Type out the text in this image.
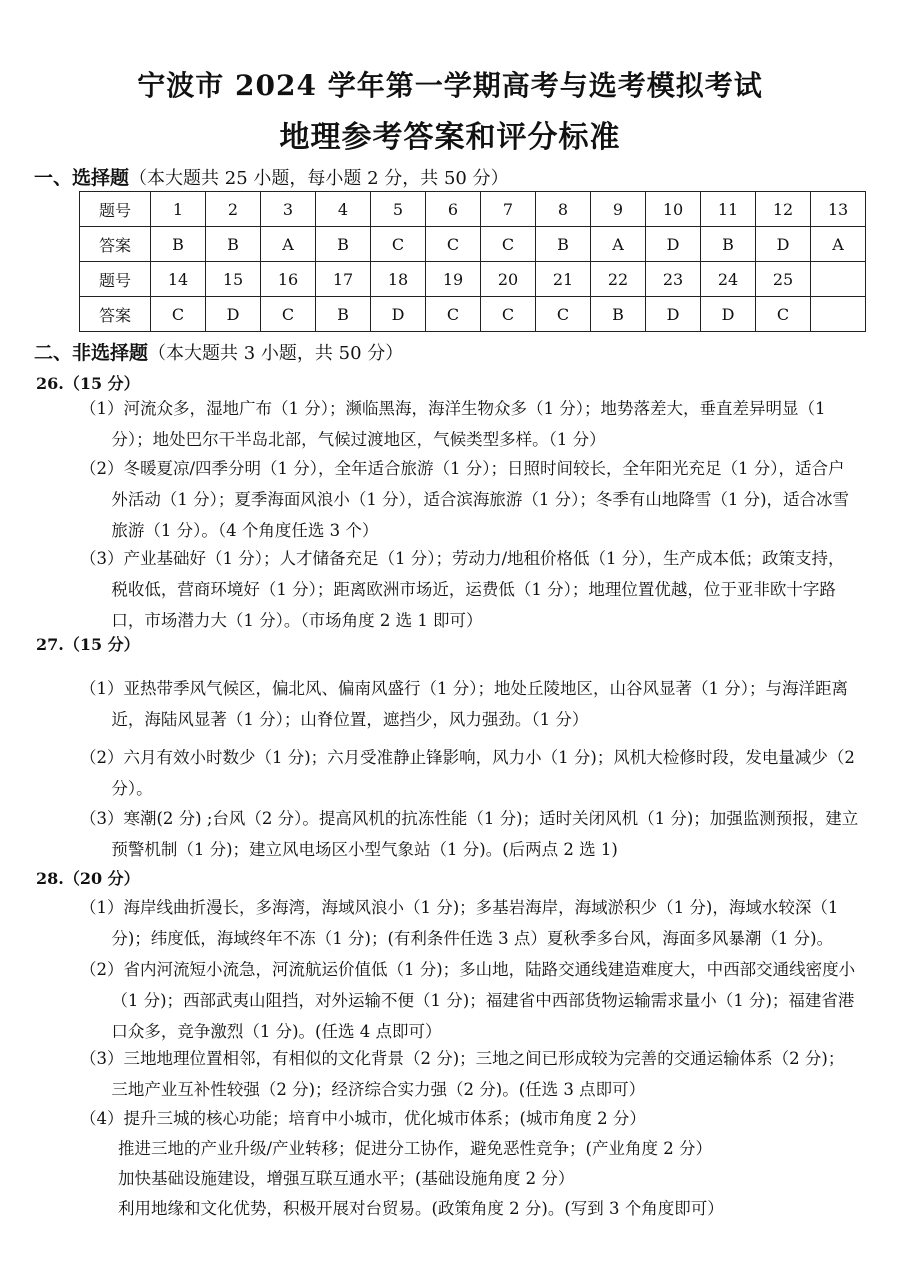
宁波市 2024 学年第一学期高考与选考模拟考试
地理参考答案和评分标准
一、选择题（本大题共 25 小题，每小题 2 分，共 50 分）
题号	1	2	3	4	5	6	7	8	9	10	11	12	13
答案	B	B	A	B	C	C	C	B	A	D	B	D	A
题号	14	15	16	17	18	19	20	21	22	23	24	25	
答案	C	D	C	B	D	C	C	C	B	D	D	C	
二、非选择题（本大题共 3 小题，共 50 分）
26.（15 分）
（1）河流众多，湿地广布（1 分）；濒临黑海，海洋生物众多（1 分）；地势落差大，垂直差异明显（1 分）；地处巴尔干半岛北部，气候过渡地区，气候类型多样。（1 分）
（2）冬暖夏凉/四季分明（1 分），全年适合旅游（1 分）；日照时间较长，全年阳光充足（1 分），适合户外活动（1 分）；夏季海面风浪小（1 分），适合滨海旅游（1 分）；冬季有山地降雪（1 分)，适合冰雪旅游（1 分）。（4 个角度任选 3 个）
（3）产业基础好（1 分）；人才储备充足（1 分）；劳动力/地租价格低（1 分），生产成本低；政策支持，税收低，营商环境好（1 分）；距离欧洲市场近，运费低（1 分）；地理位置优越，位于亚非欧十字路口，市场潜力大（1 分）。（市场角度 2 选 1 即可）
27.（15 分）
（1）亚热带季风气候区，偏北风、偏南风盛行（1 分）；地处丘陵地区，山谷风显著（1 分）；与海洋距离近，海陆风显著（1 分）；山脊位置，遮挡少，风力强劲。（1 分）
（2）六月有效小时数少（1 分)；六月受准静止锋影响，风力小（1 分)；风机大检修时段，发电量减少（2 分）。
（3）寒潮(2 分) ;台风（2 分）。提高风机的抗冻性能（1 分)；适时关闭风机（1 分)；加强监测预报，建立预警机制（1 分)；建立风电场区小型气象站（1 分)。(后两点 2 选 1)
28.（20 分）
（1）海岸线曲折漫长，多海湾，海域风浪小（1 分)；多基岩海岸，海域淤积少（1 分)，海域水较深（1 分)；纬度低，海域终年不冻（1 分)；(有利条件任选 3 点）夏秋季多台风，海面多风暴潮（1 分)。
（2）省内河流短小流急，河流航运价值低（1 分)；多山地，陆路交通线建造难度大，中西部交通线密度小（1 分)；西部武夷山阻挡，对外运输不便（1 分)；福建省中西部货物运输需求量小（1 分)；福建省港口众多，竞争激烈（1 分)。(任选 4 点即可）
（3）三地地理位置相邻，有相似的文化背景（2 分)；三地之间已形成较为完善的交通运输体系（2 分)；三地产业互补性较强（2 分)；经济综合实力强（2 分)。(任选 3 点即可）
（4）提升三城的核心功能；培育中小城市，优化城市体系；(城市角度 2 分）
推进三地的产业升级/产业转移；促进分工协作，避免恶性竞争；(产业角度 2 分）
加快基础设施建设，增强互联互通水平；(基础设施角度 2 分）
利用地缘和文化优势，积极开展对台贸易。(政策角度 2 分)。(写到 3 个角度即可）
